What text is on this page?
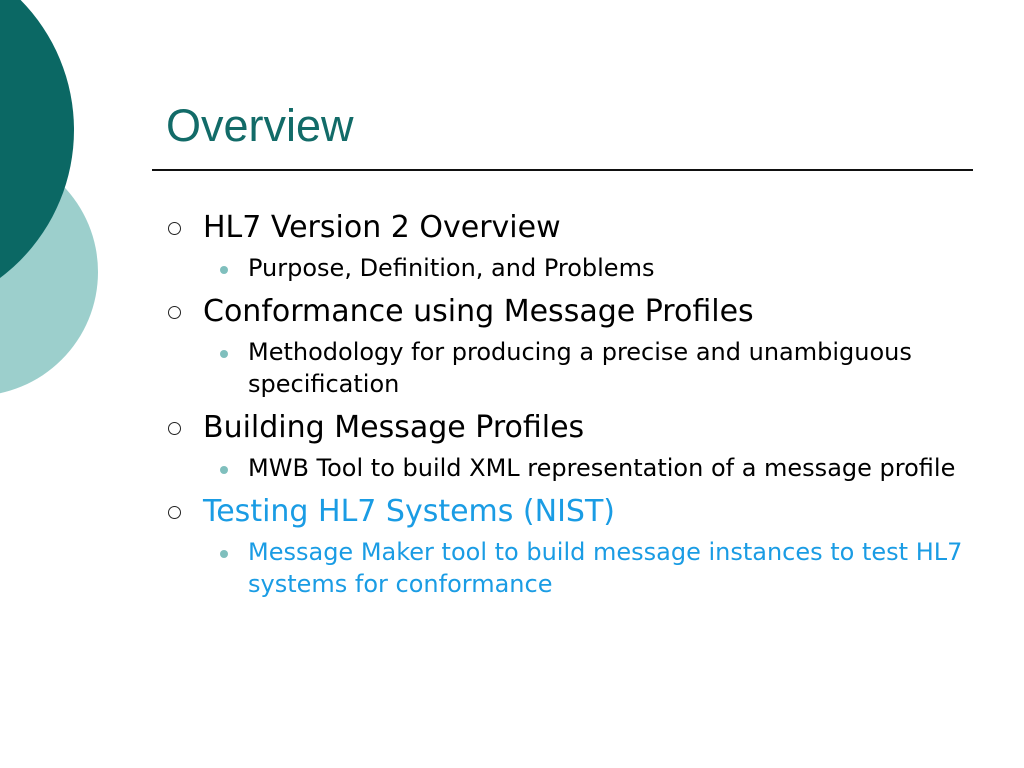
Overview
HL7 Version 2 Overview
Purpose, Definition, and Problems
Conformance using Message Profiles
Methodology for producing a precise and unambiguous specification
Building Message Profiles
MWB Tool to build XML representation of a message profile
Testing HL7 Systems (NIST)
Message Maker tool to build message instances to test HL7 systems for conformance
